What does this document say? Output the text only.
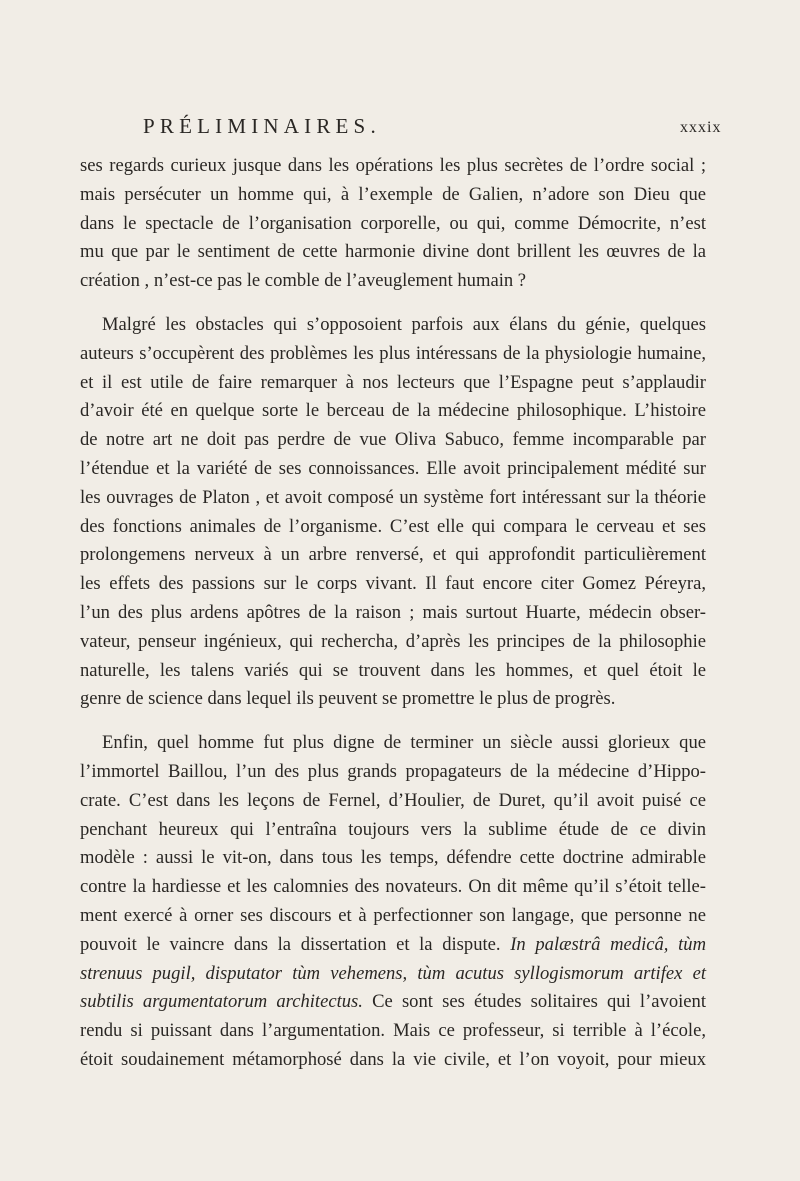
PRÉLIMINAIRES.	xxxix
ses regards curieux jusque dans les opérations les plus secrètes de l’ordre social ;
mais persécuter un homme qui, à l’exemple de Galien, n’adore son Dieu que
dans le spectacle de l’organisation corporelle, ou qui, comme Démocrite, n’est
mu que par le sentiment de cette harmonie divine dont brillent les œuvres de la
création , n’est-ce pas le comble de l’aveuglement humain ?
Malgré les obstacles qui s’opposoient parfois aux élans du génie, quelques
auteurs s’occupèrent des problèmes les plus intéressans de la physiologie humaine,
et il est utile de faire remarquer à nos lecteurs que l’Espagne peut s’applaudir
d’avoir été en quelque sorte le berceau de la médecine philosophique. L’histoire
de notre art ne doit pas perdre de vue Oliva Sabuco, femme incomparable par
l’étendue et la variété de ses connoissances. Elle avoit principalement médité sur
les ouvrages de Platon , et avoit composé un système fort intéressant sur la théorie
des fonctions animales de l’organisme. C’est elle qui compara le cerveau et ses
prolongemens nerveux à un arbre renversé, et qui approfondit particulièrement
les effets des passions sur le corps vivant. Il faut encore citer Gomez Péreyra,
l’un des plus ardens apôtres de la raison ; mais surtout Huarte, médecin obser-
vateur, penseur ingénieux, qui rechercha, d’après les principes de la philosophie
naturelle, les talens variés qui se trouvent dans les hommes, et quel étoit le
genre de science dans lequel ils peuvent se promettre le plus de progrès.
Enfin, quel homme fut plus digne de terminer un siècle aussi glorieux que
l’immortel Baillou, l’un des plus grands propagateurs de la médecine d’Hippo-
crate. C’est dans les leçons de Fernel, d’Houlier, de Duret, qu’il avoit puisé ce
penchant heureux qui l’entraîna toujours vers la sublime étude de ce divin
modèle : aussi le vit-on, dans tous les temps, défendre cette doctrine admirable
contre la hardiesse et les calomnies des novateurs. On dit même qu’il s’étoit telle-
ment exercé à orner ses discours et à perfectionner son langage, que personne ne
pouvoit le vaincre dans la dissertation et la dispute. In palæstrâ medicâ, tùm
strenuus pugil, disputator tùm vehemens, tùm acutus syllogismorum artifex et
subtilis argumentatorum architectus. Ce sont ses études solitaires qui l’avoient
rendu si puissant dans l’argumentation. Mais ce professeur, si terrible à l’école,
étoit soudainement métamorphosé dans la vie civile, et l’on voyoit, pour mieux
